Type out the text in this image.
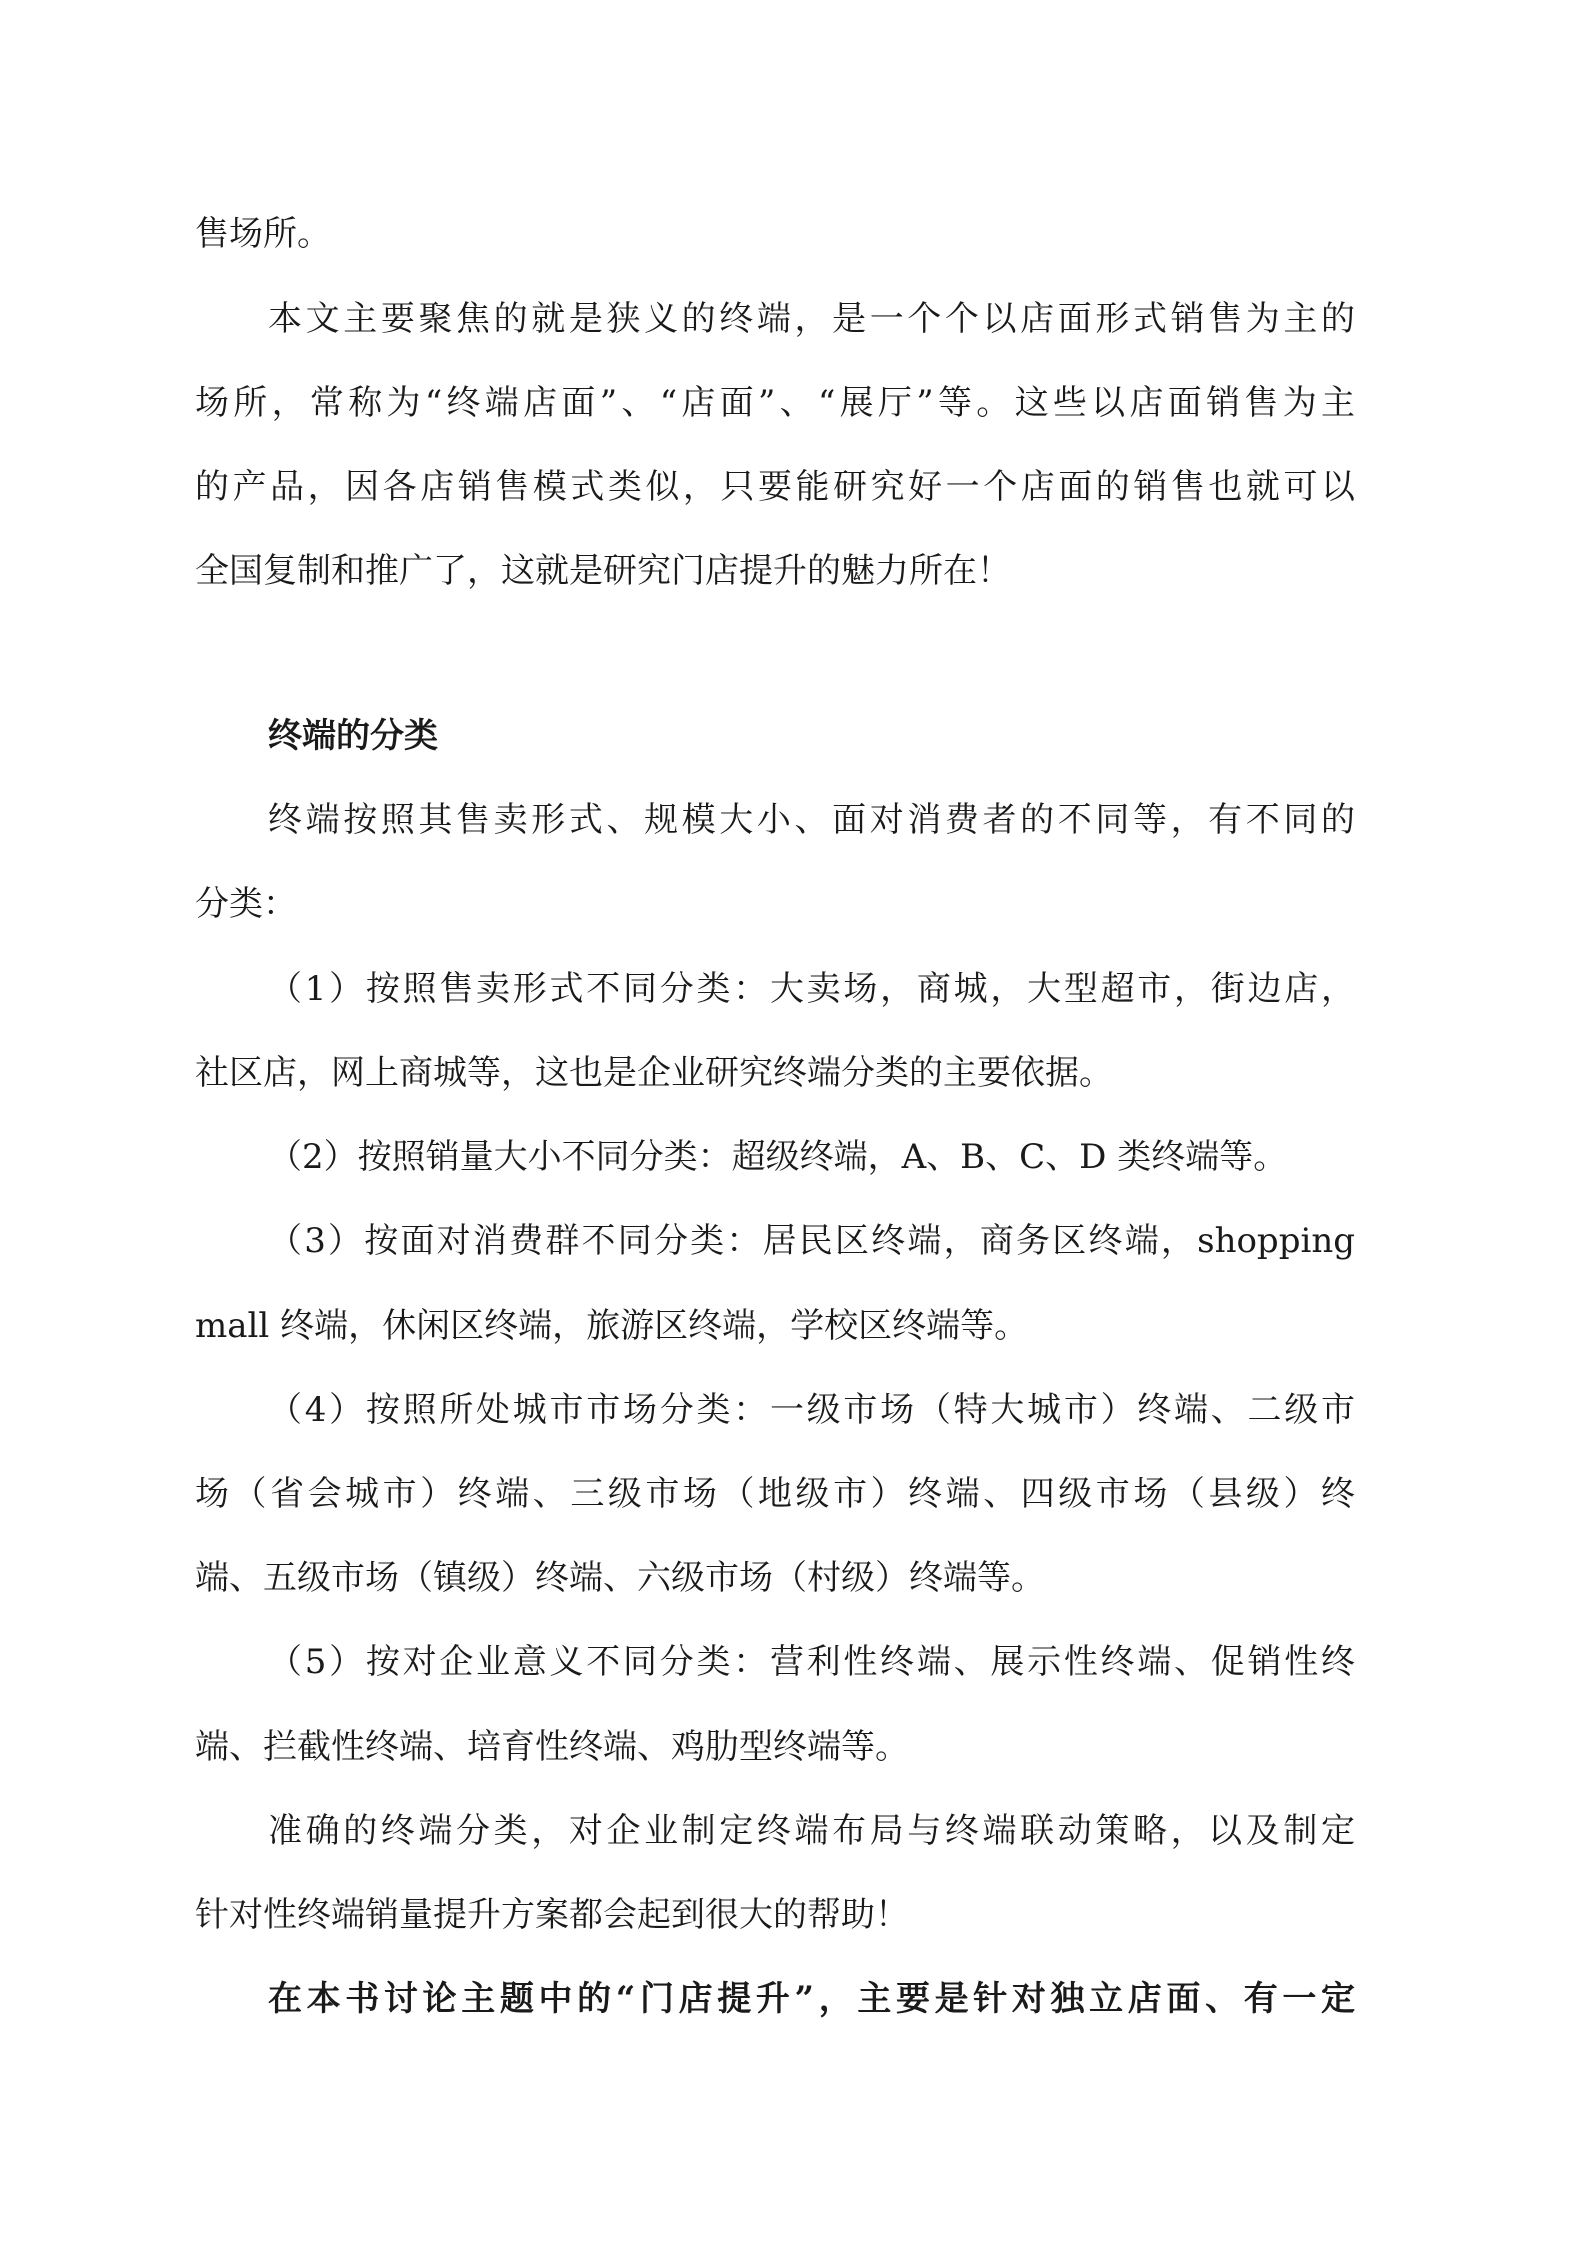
售场所。

本文主要聚焦的就是狭义的终端，是一个个以店面形式销售为主的

场所，常称为“终端店面”、“店面”、“展厅”等。这些以店面销售为主

的产品，因各店销售模式类似，只要能研究好一个店面的销售也就可以

全国复制和推广了，这就是研究门店提升的魅力所在！

终端的分类

终端按照其售卖形式、规模大小、面对消费者的不同等，有不同的

分类：

（1）按照售卖形式不同分类：大卖场，商城，大型超市，街边店，

社区店，网上商城等，这也是企业研究终端分类的主要依据。

（2）按照销量大小不同分类：超级终端，A、B、C、D 类终端等。

（3）按面对消费群不同分类：居民区终端，商务区终端，shopping

mall 终端，休闲区终端，旅游区终端，学校区终端等。

（4）按照所处城市市场分类：一级市场（特大城市）终端、二级市

场（省会城市）终端、三级市场（地级市）终端、四级市场（县级）终

端、五级市场（镇级）终端、六级市场（村级）终端等。

（5）按对企业意义不同分类：营利性终端、展示性终端、促销性终

端、拦截性终端、培育性终端、鸡肋型终端等。

准确的终端分类，对企业制定终端布局与终端联动策略，以及制定

针对性终端销量提升方案都会起到很大的帮助！

在本书讨论主题中的“门店提升”，主要是针对独立店面、有一定
